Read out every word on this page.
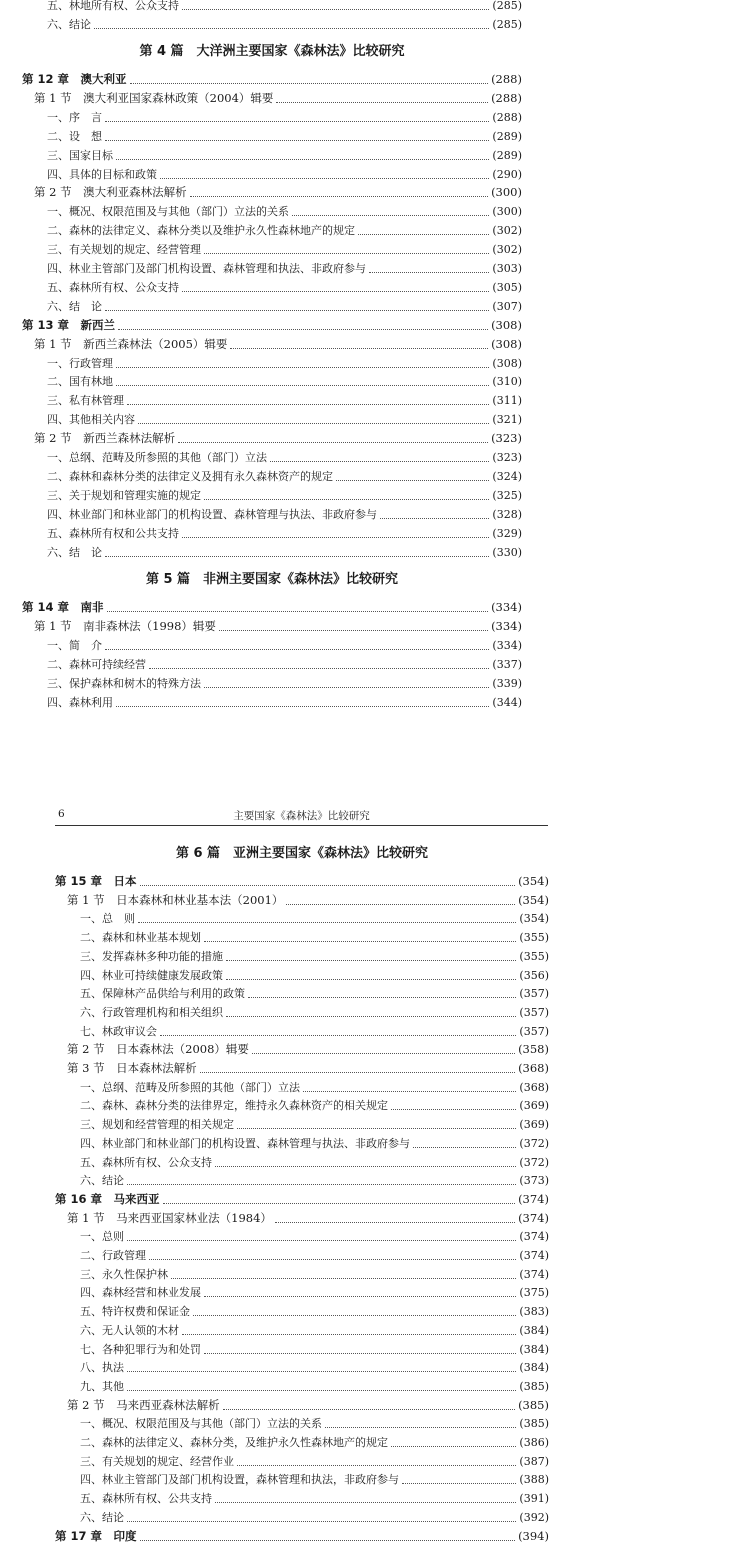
五、林地所有权、公众支持	(285)
六、结论	(285)
第 4 篇　大洋洲主要国家《森林法》比较研究
第 12 章　澳大利亚	(288)
第 1 节　澳大利亚国家森林政策（2004）辑要	(288)
一、序　言	(288)
二、设　想	(289)
三、国家目标	(289)
四、具体的目标和政策	(290)
第 2 节　澳大利亚森林法解析	(300)
一、概况、权限范围及与其他（部门）立法的关系	(300)
二、森林的法律定义、森林分类以及维护永久性森林地产的规定	(302)
三、有关规划的规定、经营管理	(302)
四、林业主管部门及部门机构设置、森林管理和执法、非政府参与	(303)
五、森林所有权、公众支持	(305)
六、结　论	(307)
第 13 章　新西兰	(308)
第 1 节　新西兰森林法（2005）辑要	(308)
一、行政管理	(308)
二、国有林地	(310)
三、私有林管理	(311)
四、其他相关内容	(321)
第 2 节　新西兰森林法解析	(323)
一、总纲、范畴及所参照的其他（部门）立法	(323)
二、森林和森林分类的法律定义及拥有永久森林资产的规定	(324)
三、关于规划和管理实施的规定	(325)
四、林业部门和林业部门的机构设置、森林管理与执法、非政府参与	(328)
五、森林所有权和公共支持	(329)
六、结　论	(330)
第 5 篇　非洲主要国家《森林法》比较研究
第 14 章　南非	(334)
第 1 节　南非森林法（1998）辑要	(334)
一、简　介	(334)
二、森林可持续经营	(337)
三、保护森林和树木的特殊方法	(339)
四、森林利用	(344)
6	主要国家《森林法》比较研究
第 6 篇　亚洲主要国家《森林法》比较研究
第 15 章　日本	(354)
第 1 节　日本森林和林业基本法（2001）	(354)
一、总　则	(354)
二、森林和林业基本规划	(355)
三、发挥森林多种功能的措施	(355)
四、林业可持续健康发展政策	(356)
五、保障林产品供给与利用的政策	(357)
六、行政管理机构和相关组织	(357)
七、林政审议会	(357)
第 2 节　日本森林法（2008）辑要	(358)
第 3 节　日本森林法解析	(368)
一、总纲、范畴及所参照的其他（部门）立法	(368)
二、森林、森林分类的法律界定，维持永久森林资产的相关规定	(369)
三、规划和经营管理的相关规定	(369)
四、林业部门和林业部门的机构设置、森林管理与执法、非政府参与	(372)
五、森林所有权、公众支持	(372)
六、结论	(373)
第 16 章　马来西亚	(374)
第 1 节　马来西亚国家林业法（1984）	(374)
一、总则	(374)
二、行政管理	(374)
三、永久性保护林	(374)
四、森林经营和林业发展	(375)
五、特许权费和保证金	(383)
六、无人认领的木材	(384)
七、各种犯罪行为和处罚	(384)
八、执法	(384)
九、其他	(385)
第 2 节　马来西亚森林法解析	(385)
一、概况、权限范围及与其他（部门）立法的关系	(385)
二、森林的法律定义、森林分类，及维护永久性森林地产的规定	(386)
三、有关规划的规定、经营作业	(387)
四、林业主管部门及部门机构设置，森林管理和执法，非政府参与	(388)
五、森林所有权、公共支持	(391)
六、结论	(392)
第 17 章　印度	(394)
